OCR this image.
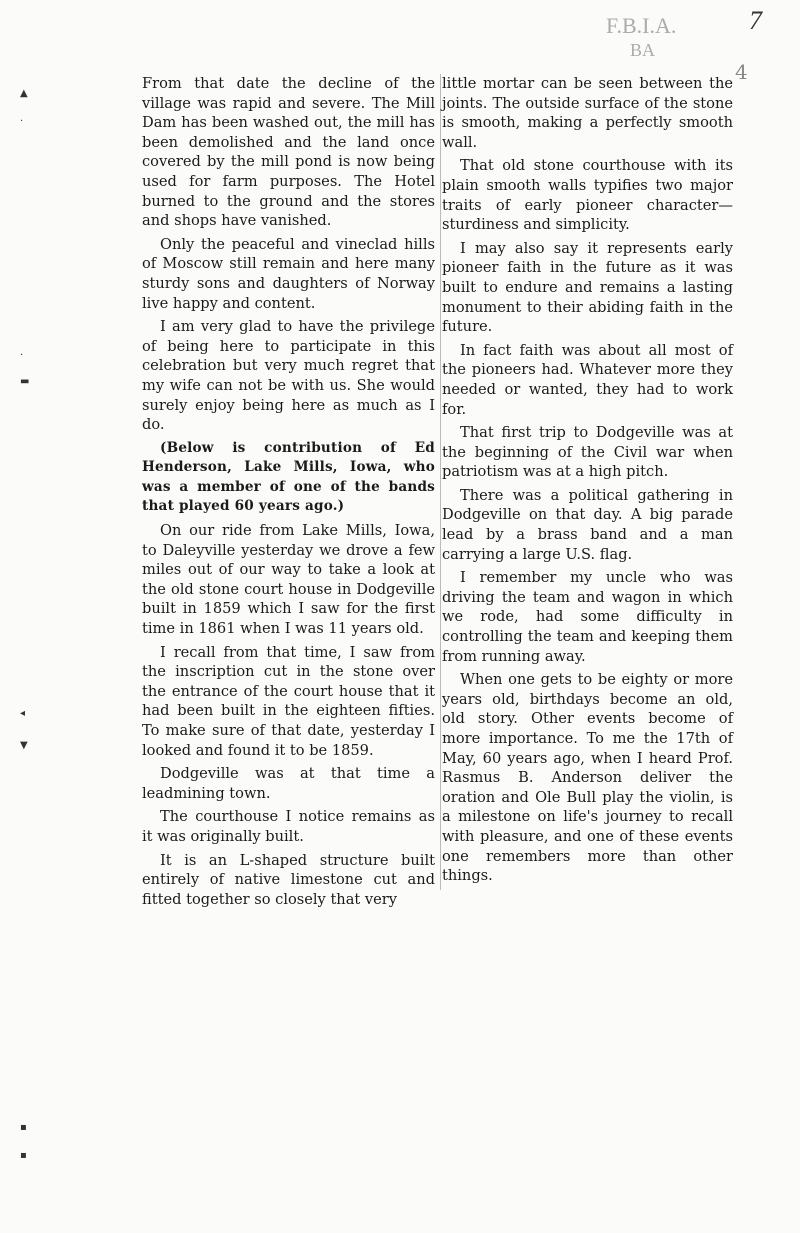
7
F.B.I.A.
BA
4
▲
·
·
▬
◂
▼
▪
▪

From that date the decline of the village was rapid and severe. The Mill Dam has been washed out, the mill has been demolished and the land once covered by the mill pond is now being used for farm purposes. The Hotel burned to the ground and the stores and shops have vanished.

Only the peaceful and vineclad hills of Moscow still remain and here many sturdy sons and daughters of Norway live happy and content.

I am very glad to have the privilege of being here to participate in this celebration but very much regret that my wife can not be with us. She would surely enjoy being here as much as I do.

(Below is contribution of Ed Henderson, Lake Mills, Iowa, who was a member of one of the bands that played 60 years ago.)

On our ride from Lake Mills, Iowa, to Daleyville yesterday we drove a few miles out of our way to take a look at the old stone court house in Dodgeville built in 1859 which I saw for the first time in 1861 when I was 11 years old.

I recall from that time, I saw from the inscription cut in the stone over the entrance of the court house that it had been built in the eighteen fifties. To make sure of that date, yesterday I looked and found it to be 1859.

Dodgeville was at that time a leadmining town.

The courthouse I notice remains as it was originally built.

It is an L-shaped structure built entirely of native limestone cut and fitted together so closely that very

little mortar can be seen between the joints. The outside surface of the stone is smooth, making a perfectly smooth wall.

That old stone courthouse with its plain smooth walls typifies two major traits of early pioneer character—sturdiness and simplicity.

I may also say it represents early pioneer faith in the future as it was built to endure and remains a lasting monument to their abiding faith in the future.

In fact faith was about all most of the pioneers had. Whatever more they needed or wanted, they had to work for.

That first trip to Dodgeville was at the beginning of the Civil war when patriotism was at a high pitch.

There was a political gathering in Dodgeville on that day. A big parade lead by a brass band and a man carrying a large U.S. flag.

I remember my uncle who was driving the team and wagon in which we rode, had some difficulty in controlling the team and keeping them from running away.

When one gets to be eighty or more years old, birthdays become an old, old story. Other events become of more importance. To me the 17th of May, 60 years ago, when I heard Prof. Rasmus B. Anderson deliver the oration and Ole Bull play the violin, is a milestone on life's journey to recall with pleasure, and one of these events one remembers more than other things.
